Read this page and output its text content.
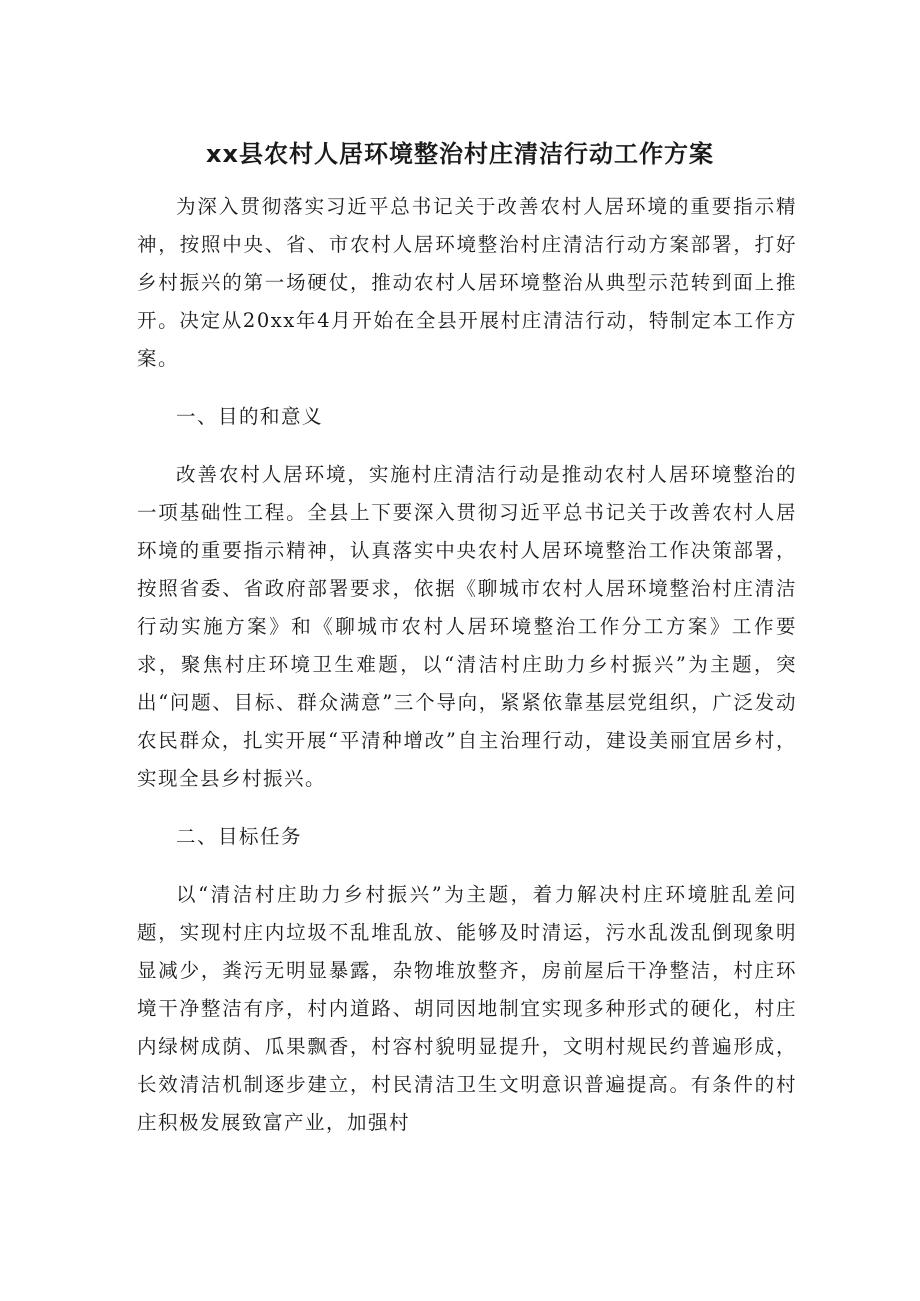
xx县农村人居环境整治村庄清洁行动工作方案

为深入贯彻落实习近平总书记关于改善农村人居环境的重要指示精神，按照中央、省、市农村人居环境整治村庄清洁行动方案部署，打好乡村振兴的第一场硬仗，推动农村人居环境整治从典型示范转到面上推开。决定从20xx年4月开始在全县开展村庄清洁行动，特制定本工作方案。

一、目的和意义

改善农村人居环境，实施村庄清洁行动是推动农村人居环境整治的一项基础性工程。全县上下要深入贯彻习近平总书记关于改善农村人居环境的重要指示精神，认真落实中央农村人居环境整治工作决策部署，按照省委、省政府部署要求，依据《聊城市农村人居环境整治村庄清洁行动实施方案》和《聊城市农村人居环境整治工作分工方案》工作要求，聚焦村庄环境卫生难题，以“清洁村庄助力乡村振兴”为主题，突出“问题、目标、群众满意”三个导向，紧紧依靠基层党组织，广泛发动农民群众，扎实开展“平清种增改”自主治理行动，建设美丽宜居乡村，实现全县乡村振兴。

二、目标任务

以“清洁村庄助力乡村振兴”为主题，着力解决村庄环境脏乱差问题，实现村庄内垃圾不乱堆乱放、能够及时清运，污水乱泼乱倒现象明显减少，粪污无明显暴露，杂物堆放整齐，房前屋后干净整洁，村庄环境干净整洁有序，村内道路、胡同因地制宜实现多种形式的硬化，村庄内绿树成荫、瓜果飘香，村容村貌明显提升，文明村规民约普遍形成，长效清洁机制逐步建立，村民清洁卫生文明意识普遍提高。有条件的村庄积极发展致富产业，加强村
